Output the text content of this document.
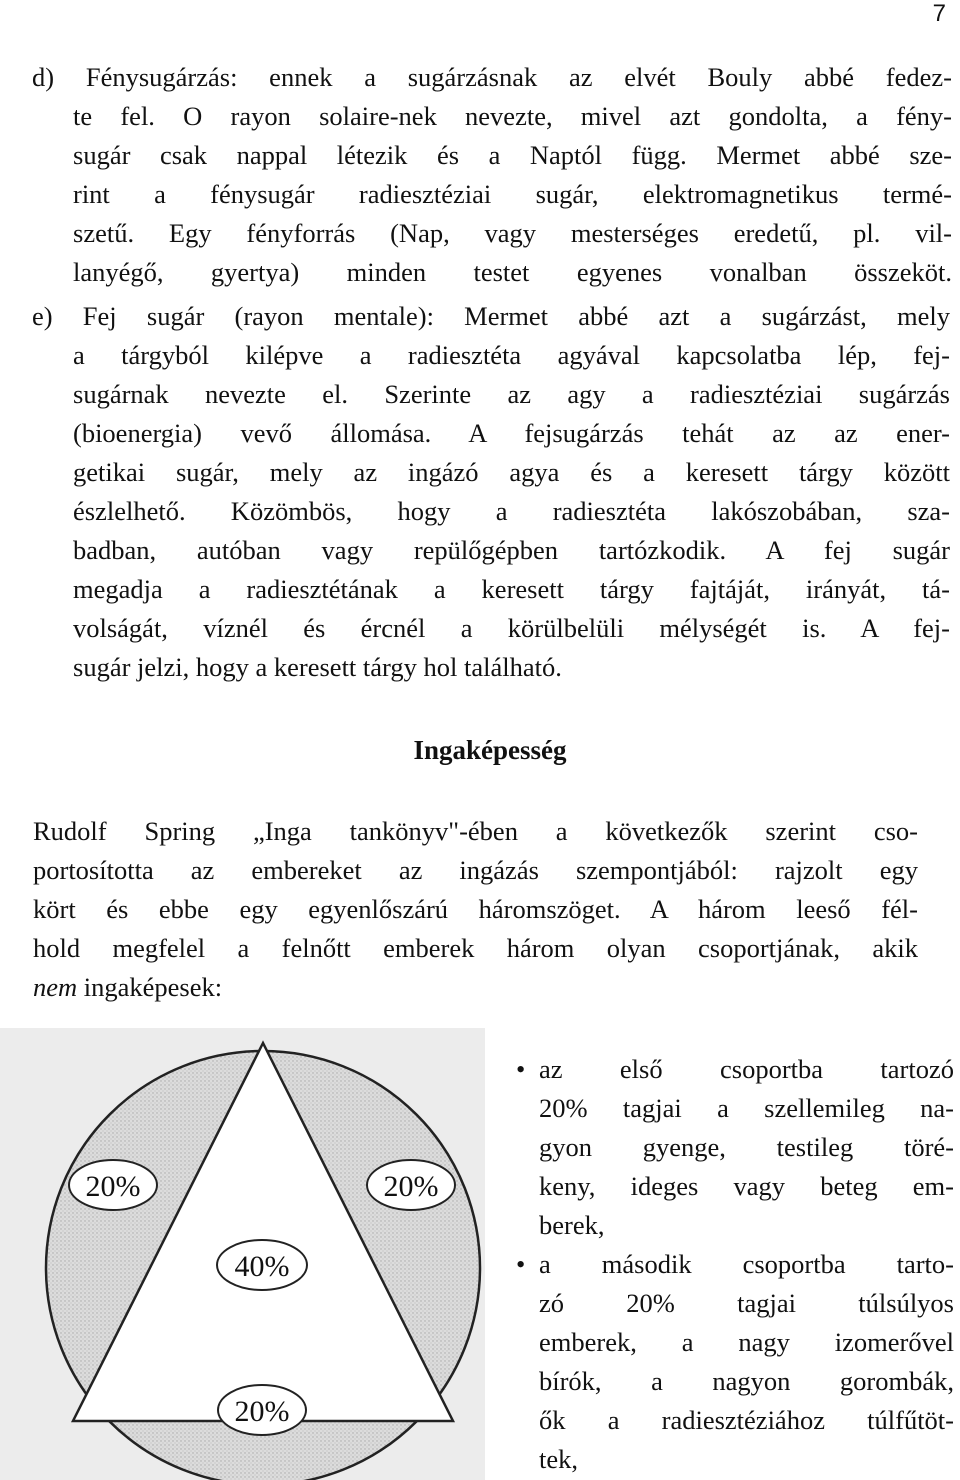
7
d) Fénysugárzás: ennek a sugárzásnak az elvét Bouly abbé fedez-
te fel. O rayon solaire-nek nevezte, mivel azt gondolta, a fény-
sugár csak nappal létezik és a Naptól függ. Mermet abbé sze-
rint a fénysugár radiesztéziai sugár, elektromagnetikus termé-
szetű. Egy fényforrás (Nap, vagy mesterséges eredetű, pl. vil-
lanyégő, gyertya) minden testet egyenes vonalban összeköt.
e) Fej sugár (rayon mentale): Mermet abbé azt a sugárzást, mely
a tárgyból kilépve a radiesztéta agyával kapcsolatba lép, fej-
sugárnak nevezte el. Szerinte az agy a radiesztéziai sugárzás
(bioenergia) vevő állomása. A fejsugárzás tehát az az ener-
getikai sugár, mely az ingázó agya és a keresett tárgy között
észlelhető. Közömbös, hogy a radiesztéta lakószobában, sza-
badban, autóban vagy repülőgépben tartózkodik. A fej sugár
megadja a radiesztétának a keresett tárgy fajtáját, irányát, tá-
volságát, víznél és ércnél a körülbelüli mélységét is. A fej-
sugár jelzi, hogy a keresett tárgy hol található.
Ingaképesség
Rudolf Spring „Inga tankönyv"-ében a következők szerint cso-
portosította az embereket az ingázás szempontjából: rajzolt egy
kört és ebbe egy egyenlőszárú háromszöget. A három leeső fél-
hold megfelel a felnőtt emberek három olyan csoportjának, akik
nem ingaképesek:
20%	20%
40%
20%
• az első csoportba tartozó
20% tagjai a szellemileg na-
gyon gyenge, testileg töré-
keny, ideges vagy beteg em-
berek,
• a második csoportba tarto-
zó 20% tagjai túlsúlyos
emberek, a nagy izomerővel
bírók, a nagyon gorombák,
ők a radiesztéziához túlfűtöt-
tek,
